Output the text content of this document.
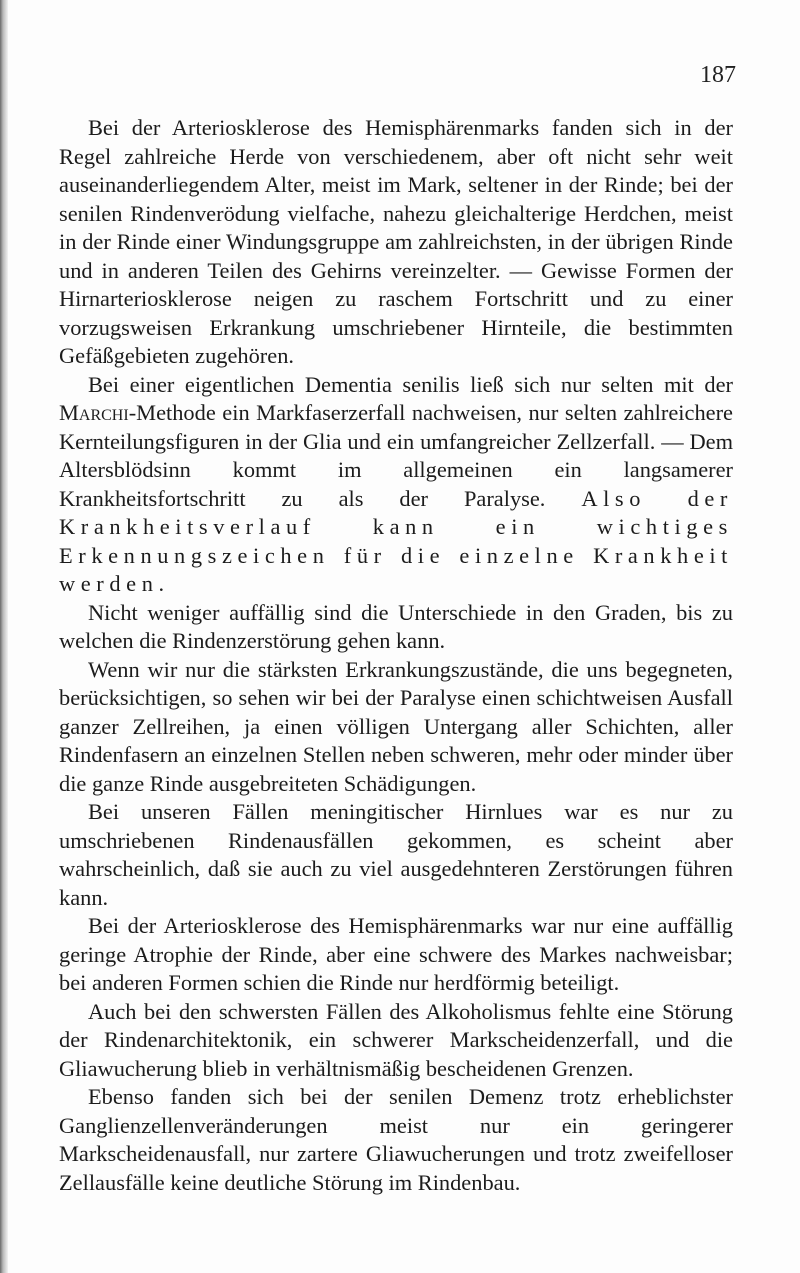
187

Bei der Arteriosklerose des Hemisphärenmarks fanden sich in der Regel zahlreiche Herde von verschiedenem, aber oft nicht sehr weit auseinanderliegendem Alter, meist im Mark, seltener in der Rinde; bei der senilen Rindenverödung vielfache, nahezu gleichalterige Herdchen, meist in der Rinde einer Windungsgruppe am zahlreichsten, in der übrigen Rinde und in anderen Teilen des Gehirns vereinzelter. — Gewisse Formen der Hirnarteriosklerose neigen zu raschem Fortschritt und zu einer vorzugsweisen Erkrankung umschriebener Hirnteile, die bestimmten Gefäßgebieten zugehören.

Bei einer eigentlichen Dementia senilis ließ sich nur selten mit der Marchi-Methode ein Markfaserzerfall nachweisen, nur selten zahlreichere Kernteilungsfiguren in der Glia und ein umfangreicher Zellzerfall. — Dem Altersblödsinn kommt im allgemeinen ein langsamerer Krankheitsfortschritt zu als der Paralyse. Also der Krankheitsverlauf kann ein wichtiges Erkennungszeichen für die einzelne Krankheit werden.

Nicht weniger auffällig sind die Unterschiede in den Graden, bis zu welchen die Rindenzerstörung gehen kann.

Wenn wir nur die stärksten Erkrankungszustände, die uns begegneten, berücksichtigen, so sehen wir bei der Paralyse einen schichtweisen Ausfall ganzer Zellreihen, ja einen völligen Untergang aller Schichten, aller Rindenfasern an einzelnen Stellen neben schweren, mehr oder minder über die ganze Rinde ausgebreiteten Schädigungen.

Bei unseren Fällen meningitischer Hirnlues war es nur zu umschriebenen Rindenausfällen gekommen, es scheint aber wahrscheinlich, daß sie auch zu viel ausgedehnteren Zerstörungen führen kann.

Bei der Arteriosklerose des Hemisphärenmarks war nur eine auffällig geringe Atrophie der Rinde, aber eine schwere des Markes nachweisbar; bei anderen Formen schien die Rinde nur herdförmig beteiligt.

Auch bei den schwersten Fällen des Alkoholismus fehlte eine Störung der Rindenarchitektonik, ein schwerer Markscheidenzerfall, und die Gliawucherung blieb in verhältnismäßig bescheidenen Grenzen.

Ebenso fanden sich bei der senilen Demenz trotz erheblichster Ganglienzellenveränderungen meist nur ein geringerer Markscheidenausfall, nur zartere Gliawucherungen und trotz zweifelloser Zellausfälle keine deutliche Störung im Rindenbau.
